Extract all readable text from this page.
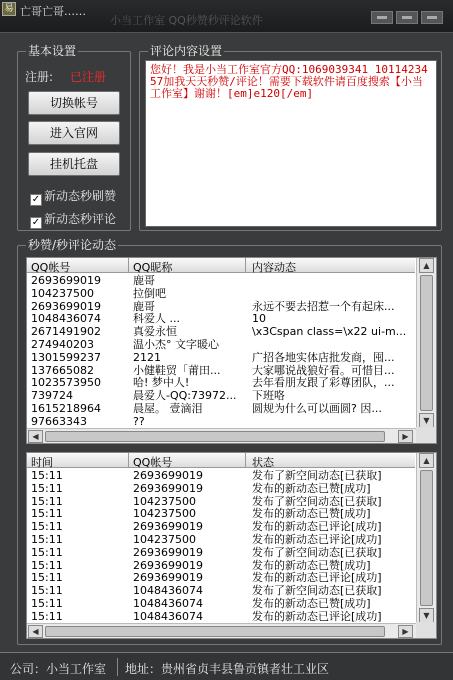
易 亡哥亡哥……
小当工作室 QQ秒赞秒评论软件
基本设置
注册: 已注册
切换帐号
进入官网
挂机托盘
✓ 新动态秒刷赞
✓ 新动态秒评论
评论内容设置
您好！我是小当工作室官方QQ:1069039341 1011423457加我天天秒赞/评论！需要下载软件请百度搜索【小当工作室】谢谢！[em]e120[/em]
秒赞/秒评论动态
QQ帐号	QQ昵称	内容动态
2693699019	鹿哥
104237500	拉倒吧
2693699019	鹿哥	永远不要去招惹一个有起床...
1048436074	科爱人 ...	10
2671491902	真爱永恒	\x3Cspan class=\x22 ui-m...
274940203	温小杰° 文字暖心
1301599237	2121	广招各地实体店批发商，囤...
137665082	小健鞋贸「莆田...	大家哪说战狼好看。可惜目...
1023573950	哈! 梦中人!	去年看朋友跟了彩尊团队，...
739724	晨爱人-QQ:73972...	下班咯
1615218964	晨屋。 壹滴泪	圆规为什么可以画圆? 因...
97663343	??
▲
▼
◀	▶
时间	QQ帐号	状态
15:11	2693699019	发布了新空间动态[已获取]
15:11	2693699019	发布的新动态已赞[成功]
15:11	104237500	发布了新空间动态[已获取]
15:11	104237500	发布的新动态已赞[成功]
15:11	2693699019	发布的新动态已评论[成功]
15:11	104237500	发布的新动态已评论[成功]
15:11	2693699019	发布了新空间动态[已获取]
15:11	2693699019	发布的新动态已赞[成功]
15:11	2693699019	发布的新动态已评论[成功]
15:11	1048436074	发布了新空间动态[已获取]
15:11	1048436074	发布的新动态已赞[成功]
15:11	1048436074	发布的新动态已评论[成功]
▲
▼
◀	▶
公司：小当工作室 地址：贵州省贞丰县鲁贡镇者壮工业区
